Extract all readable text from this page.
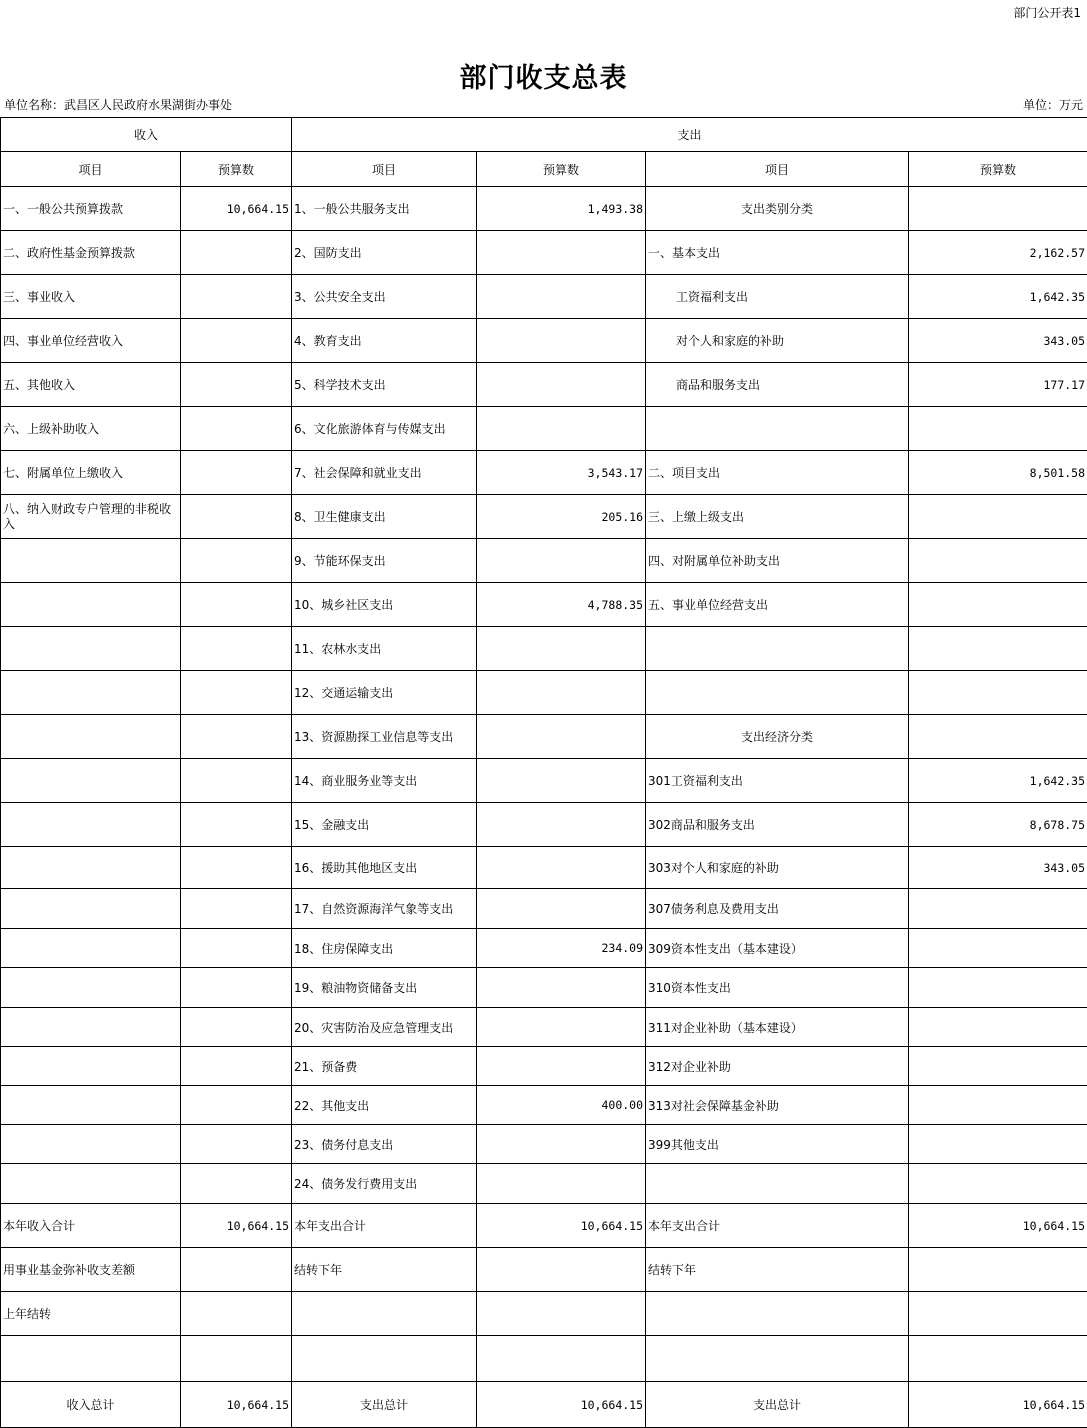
部门公开表1
部门收支总表
单位名称：武昌区人民政府水果湖街办事处	单位：万元
收入		支出			
项目	预算数	项目	预算数	项目	预算数
一、一般公共预算拨款	10,664.15	1、一般公共服务支出	1,493.38	支出类别分类	
二、政府性基金预算拨款		2、国防支出		一、基本支出	2,162.57
三、事业收入		3、公共安全支出		工资福利支出	1,642.35
四、事业单位经营收入		4、教育支出		对个人和家庭的补助	343.05
五、其他收入		5、科学技术支出		商品和服务支出	177.17
六、上级补助收入		6、文化旅游体育与传媒支出			
七、附属单位上缴收入		7、社会保障和就业支出	3,543.17	二、项目支出	8,501.58
八、纳入财政专户管理的非税收入		8、卫生健康支出	205.16	三、上缴上级支出	
		9、节能环保支出		四、对附属单位补助支出	
		10、城乡社区支出	4,788.35	五、事业单位经营支出	
		11、农林水支出			
		12、交通运输支出			
		13、资源勘探工业信息等支出		支出经济分类	
		14、商业服务业等支出		301工资福利支出	1,642.35
		15、金融支出		302商品和服务支出	8,678.75
		16、援助其他地区支出		303对个人和家庭的补助	343.05
		17、自然资源海洋气象等支出		307债务利息及费用支出	
		18、住房保障支出	234.09	309资本性支出（基本建设）	
		19、粮油物资储备支出		310资本性支出	
		20、灾害防治及应急管理支出		311对企业补助（基本建设）	
		21、预备费		312对企业补助	
		22、其他支出	400.00	313对社会保障基金补助	
		23、债务付息支出		399其他支出	
		24、债务发行费用支出			
本年收入合计	10,664.15	本年支出合计	10,664.15	本年支出合计	10,664.15
用事业基金弥补收支差额		结转下年		结转下年	
上年结转					

收入总计	10,664.15	支出总计	10,664.15	支出总计	10,664.15
